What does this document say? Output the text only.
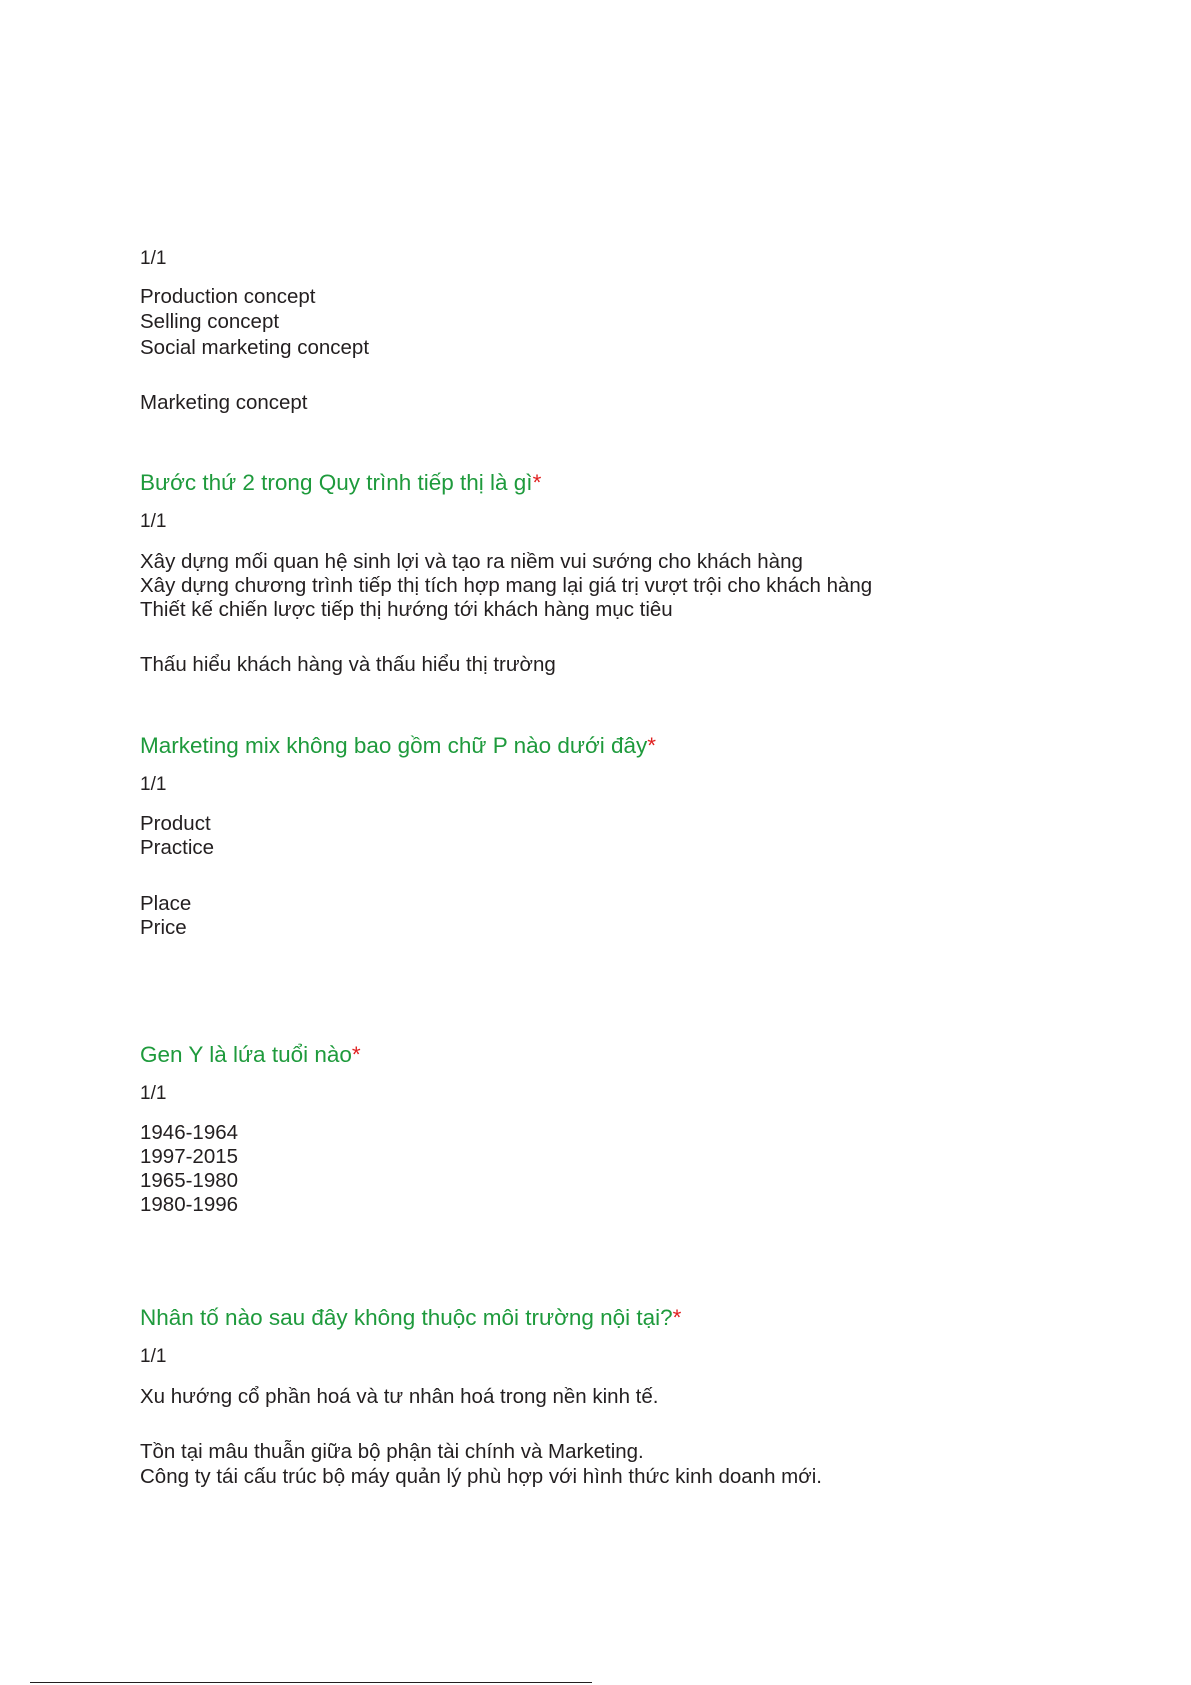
1/1
Production concept
Selling concept
Social marketing concept
Marketing concept
Bước thứ 2 trong Quy trình tiếp thị là gì*
1/1
Xây dựng mối quan hệ sinh lợi và tạo ra niềm vui sướng cho khách hàng
Xây dựng chương trình tiếp thị tích hợp mang lại giá trị vượt trội cho khách hàng
Thiết kế chiến lược tiếp thị hướng tới khách hàng mục tiêu
Thấu hiểu khách hàng và thấu hiểu thị trường
Marketing mix không bao gồm chữ P nào dưới đây*
1/1
Product
Practice
Place
Price
Gen Y là lứa tuổi nào*
1/1
1946-1964
1997-2015
1965-1980
1980-1996
Nhân tố nào sau đây không thuộc môi trường nội tại?*
1/1
Xu hướng cổ phần hoá và tư nhân hoá trong nền kinh tế.
Tồn tại mâu thuẫn giữa bộ phận tài chính và Marketing.
Công ty tái cấu trúc bộ máy quản lý phù hợp với hình thức kinh doanh mới.
